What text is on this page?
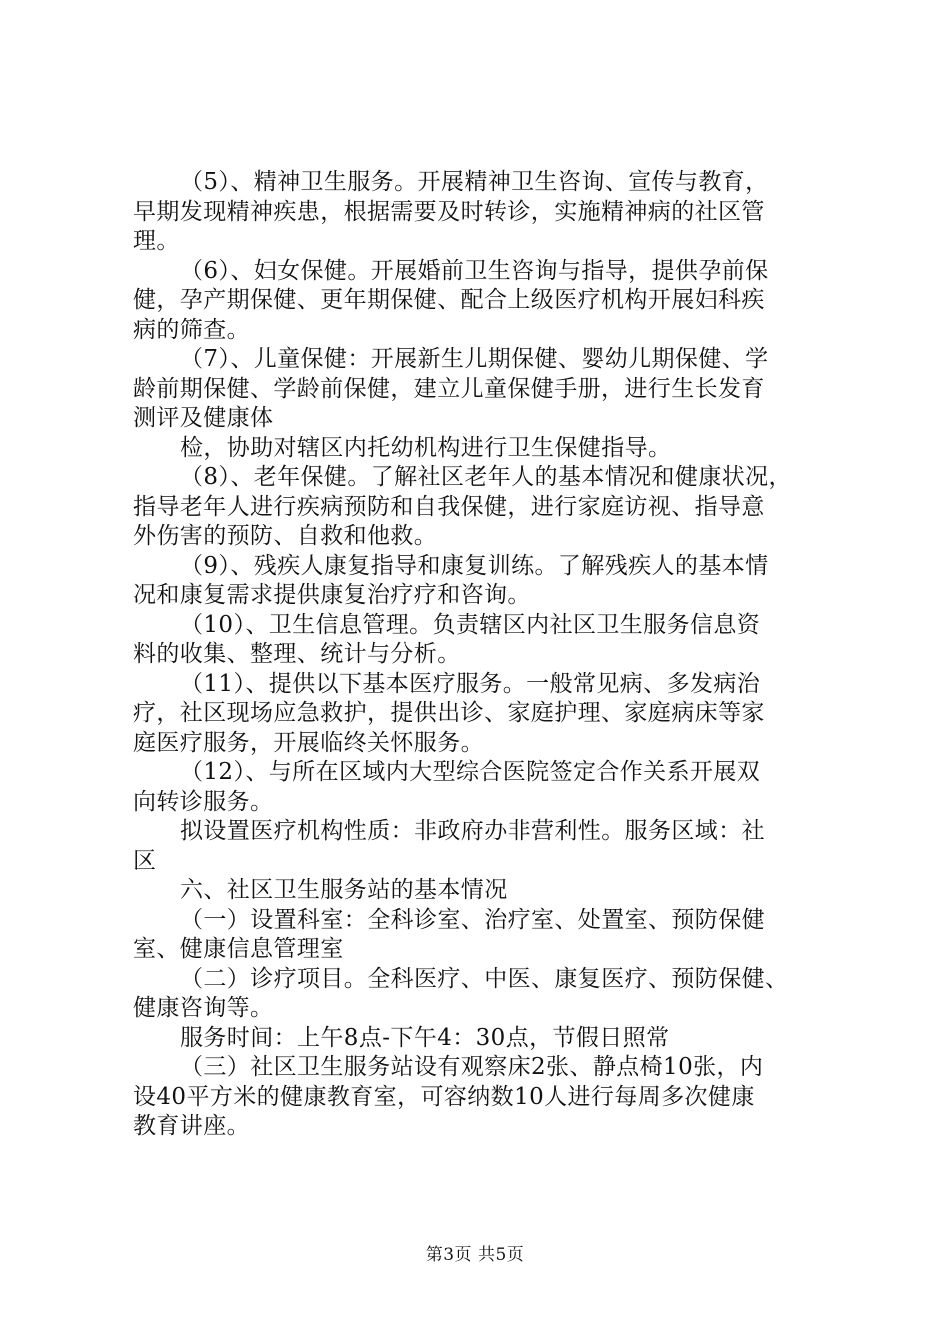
（5）、精神卫生服务。开展精神卫生咨询、宣传与教育，
早期发现精神疾患，根据需要及时转诊，实施精神病的社区管
理。
（6）、妇女保健。开展婚前卫生咨询与指导，提供孕前保
健，孕产期保健、更年期保健、配合上级医疗机构开展妇科疾
病的筛查。
（7）、儿童保健：开展新生儿期保健、婴幼儿期保健、学
龄前期保健、学龄前保健，建立儿童保健手册，进行生长发育
测评及健康体
检，协助对辖区内托幼机构进行卫生保健指导。
（8）、老年保健。了解社区老年人的基本情况和健康状况，
指导老年人进行疾病预防和自我保健，进行家庭访视、指导意
外伤害的预防、自救和他救。
（9）、残疾人康复指导和康复训练。了解残疾人的基本情
况和康复需求提供康复治疗疗和咨询。
（10）、卫生信息管理。负责辖区内社区卫生服务信息资
料的收集、整理、统计与分析。
（11）、提供以下基本医疗服务。一般常见病、多发病治
疗，社区现场应急救护，提供出诊、家庭护理、家庭病床等家
庭医疗服务，开展临终关怀服务。
（12）、与所在区域内大型综合医院签定合作关系开展双
向转诊服务。
拟设置医疗机构性质：非政府办非营利性。服务区域：社
区
六、社区卫生服务站的基本情况
（一）设置科室：全科诊室、治疗室、处置室、预防保健
室、健康信息管理室
（二）诊疗项目。全科医疗、中医、康复医疗、预防保健、
健康咨询等。
服务时间：上午8点-下午4：30点，节假日照常
（三）社区卫生服务站设有观察床2张、静点椅10张，内
设40平方米的健康教育室，可容纳数10人进行每周多次健康
教育讲座。
第3页 共5页
